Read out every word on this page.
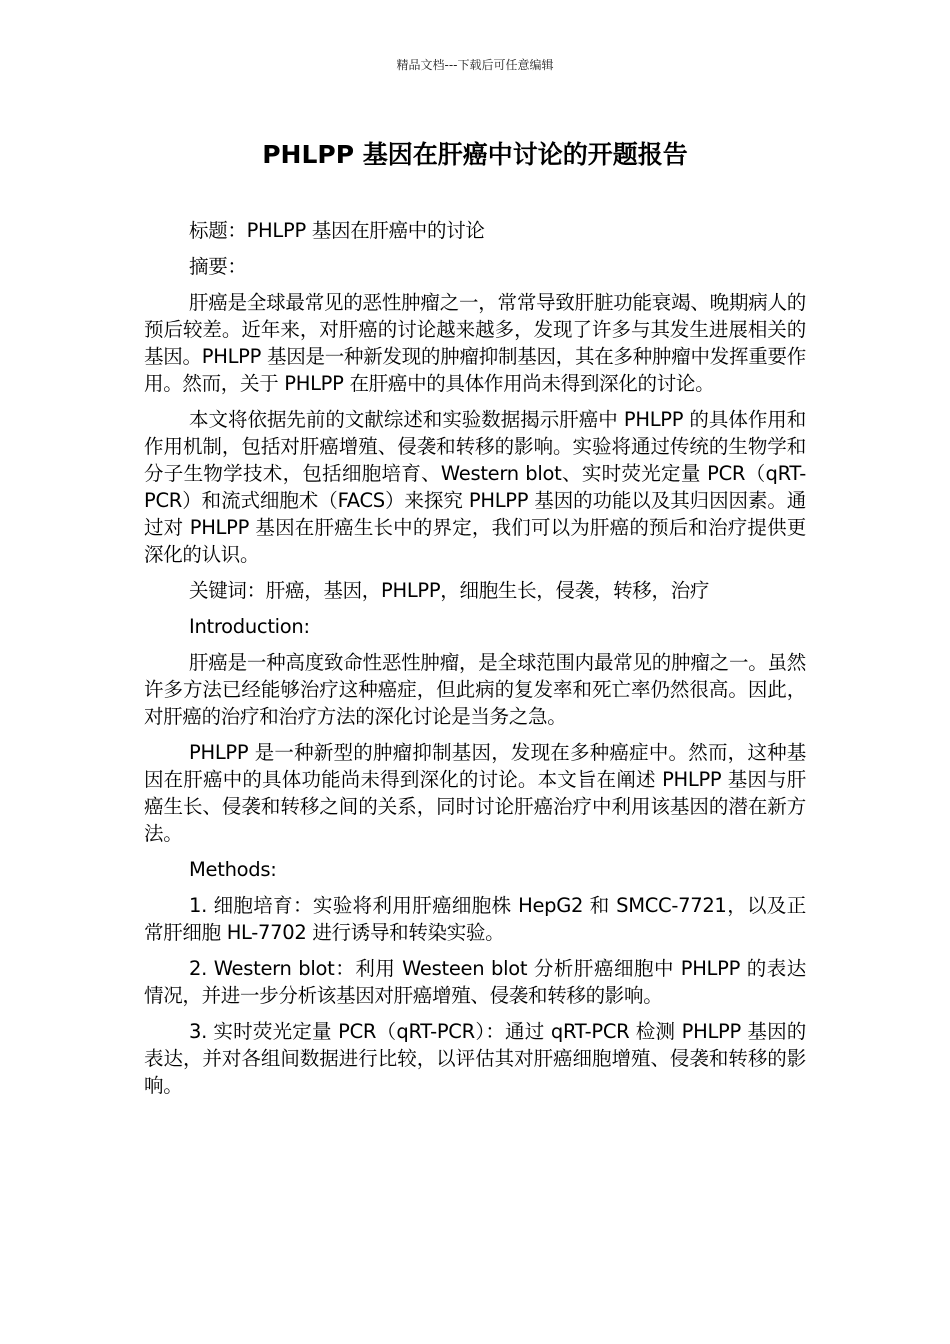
精品文档---下载后可任意编辑
PHLPP 基因在肝癌中讨论的开题报告

标题：PHLPP 基因在肝癌中的讨论

摘要：

肝癌是全球最常见的恶性肿瘤之一，常常导致肝脏功能衰竭、晚期病人的预后较差。近年来，对肝癌的讨论越来越多，发现了许多与其发生进展相关的基因。PHLPP 基因是一种新发现的肿瘤抑制基因，其在多种肿瘤中发挥重要作用。然而，关于 PHLPP 在肝癌中的具体作用尚未得到深化的讨论。

本文将依据先前的文献综述和实验数据揭示肝癌中 PHLPP 的具体作用和作用机制，包括对肝癌增殖、侵袭和转移的影响。实验将通过传统的生物学和分子生物学技术，包括细胞培育、Western blot、实时荧光定量 PCR（qRT-PCR）和流式细胞术（FACS）来探究 PHLPP 基因的功能以及其归因因素。通过对 PHLPP 基因在肝癌生长中的界定，我们可以为肝癌的预后和治疗提供更深化的认识。

关键词：肝癌，基因，PHLPP，细胞生长，侵袭，转移，治疗

Introduction:

肝癌是一种高度致命性恶性肿瘤，是全球范围内最常见的肿瘤之一。虽然许多方法已经能够治疗这种癌症，但此病的复发率和死亡率仍然很高。因此，对肝癌的治疗和治疗方法的深化讨论是当务之急。

PHLPP 是一种新型的肿瘤抑制基因，发现在多种癌症中。然而，这种基因在肝癌中的具体功能尚未得到深化的讨论。本文旨在阐述 PHLPP 基因与肝癌生长、侵袭和转移之间的关系，同时讨论肝癌治疗中利用该基因的潜在新方法。

Methods:

1. 细胞培育：实验将利用肝癌细胞株 HepG2 和 SMCC-7721，以及正常肝细胞 HL-7702 进行诱导和转染实验。

2. Western blot：利用 Westeen blot 分析肝癌细胞中 PHLPP 的表达情况，并进一步分析该基因对肝癌增殖、侵袭和转移的影响。

3. 实时荧光定量 PCR（qRT-PCR）：通过 qRT-PCR 检测 PHLPP 基因的表达，并对各组间数据进行比较，以评估其对肝癌细胞增殖、侵袭和转移的影响。
